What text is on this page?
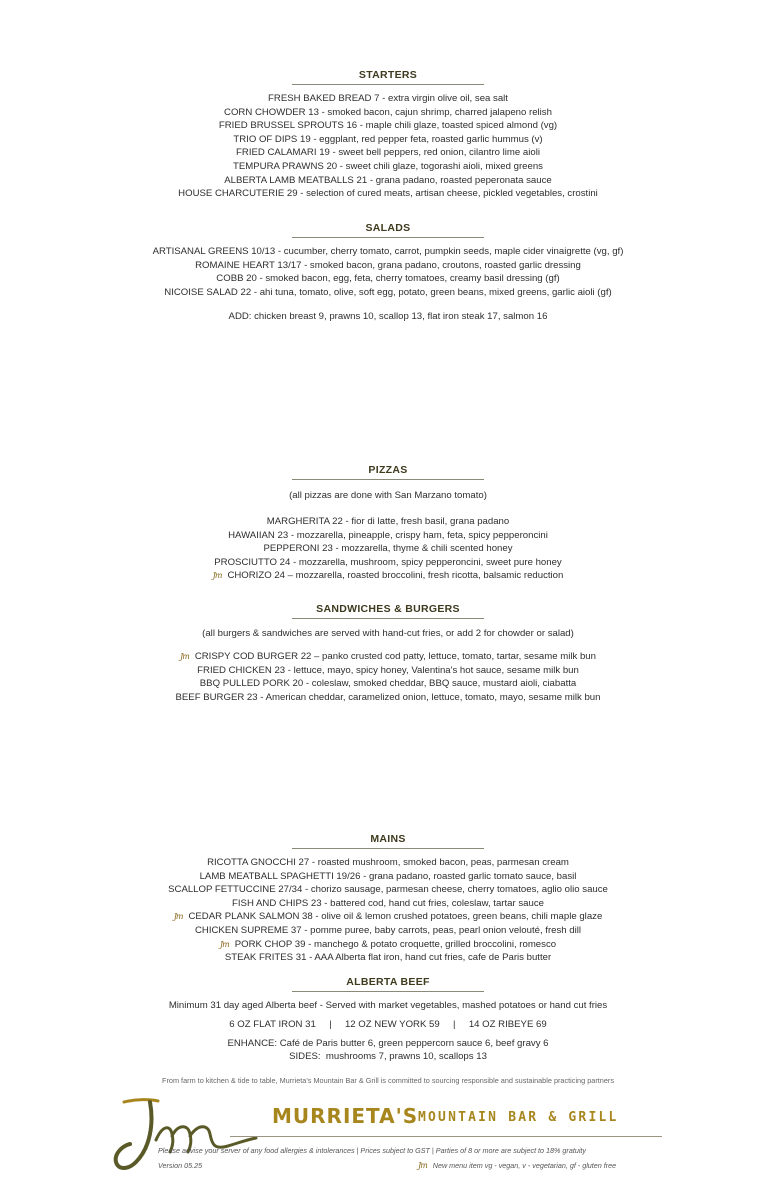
STARTERS
FRESH BAKED BREAD 7 - extra virgin olive oil, sea salt
CORN CHOWDER 13 - smoked bacon, cajun shrimp, charred jalapeno relish
FRIED BRUSSEL SPROUTS 16 - maple chili glaze, toasted spiced almond (vg)
TRIO OF DIPS 19 - eggplant, red pepper feta, roasted garlic hummus (v)
FRIED CALAMARI 19 - sweet bell peppers, red onion, cilantro lime aioli
TEMPURA PRAWNS 20 - sweet chili glaze, togorashi aioli, mixed greens
ALBERTA LAMB MEATBALLS 21 - grana padano, roasted peperonata sauce
HOUSE CHARCUTERIE 29 - selection of cured meats, artisan cheese, pickled vegetables, crostini
SALADS
ARTISANAL GREENS 10/13 - cucumber, cherry tomato, carrot, pumpkin seeds, maple cider vinaigrette (vg, gf)
ROMAINE HEART 13/17 - smoked bacon, grana padano, croutons, roasted garlic dressing
COBB 20 - smoked bacon, egg, feta, cherry tomatoes, creamy basil dressing (gf)
NICOISE SALAD 22 - ahi tuna, tomato, olive, soft egg, potato, green beans, mixed greens, garlic aioli (gf)
ADD: chicken breast 9, prawns 10, scallop 13, flat iron steak 17, salmon 16
PIZZAS
(all pizzas are done with San Marzano tomato)
MARGHERITA 22 - fior di latte, fresh basil, grana padano
HAWAIIAN 23 - mozzarella, pineapple, crispy ham, feta, spicy pepperoncini
PEPPERONI 23 - mozzarella, thyme & chili scented honey
PROSCIUTTO 24 - mozzarella, mushroom, spicy pepperoncini, sweet pure honey
Jm CHORIZO 24 – mozzarella, roasted broccolini, fresh ricotta, balsamic reduction
SANDWICHES & BURGERS
(all burgers & sandwiches are served with hand-cut fries, or add 2 for chowder or salad)
Jm CRISPY COD BURGER 22 – panko crusted cod patty, lettuce, tomato, tartar, sesame milk bun
FRIED CHICKEN 23 - lettuce, mayo, spicy honey, Valentina's hot sauce, sesame milk bun
BBQ PULLED PORK 20 - coleslaw, smoked cheddar, BBQ sauce, mustard aioli, ciabatta
BEEF BURGER 23 - American cheddar, caramelized onion, lettuce, tomato, mayo, sesame milk bun
MAINS
RICOTTA GNOCCHI 27 - roasted mushroom, smoked bacon, peas, parmesan cream
LAMB MEATBALL SPAGHETTI 19/26 - grana padano, roasted garlic tomato sauce, basil
SCALLOP FETTUCCINE 27/34 - chorizo sausage, parmesan cheese, cherry tomatoes, aglio olio sauce
FISH AND CHIPS 23 - battered cod, hand cut fries, coleslaw, tartar sauce
Jm CEDAR PLANK SALMON 38 - olive oil & lemon crushed potatoes, green beans, chili maple glaze
CHICKEN SUPREME 37 - pomme puree, baby carrots, peas, pearl onion velouté, fresh dill
Jm PORK CHOP 39 - manchego & potato croquette, grilled broccolini, romesco
STEAK FRITES 31 - AAA Alberta flat iron, hand cut fries, cafe de Paris butter
ALBERTA BEEF
Minimum 31 day aged Alberta beef - Served with market vegetables, mashed potatoes or hand cut fries
6 OZ FLAT IRON 31     |     12 OZ NEW YORK 59     |     14 OZ RIBEYE 69
ENHANCE: Café de Paris butter 6, green peppercorn sauce 6, beef gravy 6
SIDES:  mushrooms 7, prawns 10, scallops 13
From farm to kitchen & tide to table, Murrieta's Mountain Bar & Grill is committed to sourcing responsible and sustainable practicing partners
MURRIETA'S MOUNTAIN BAR & GRILL
Please advise your server of any food allergies & intolerances | Prices subject to GST | Parties of 8 or more are subject to 18% gratuity
Version 05.25	Jm New menu item vg - vegan, v - vegetarian, gf - gluten free
